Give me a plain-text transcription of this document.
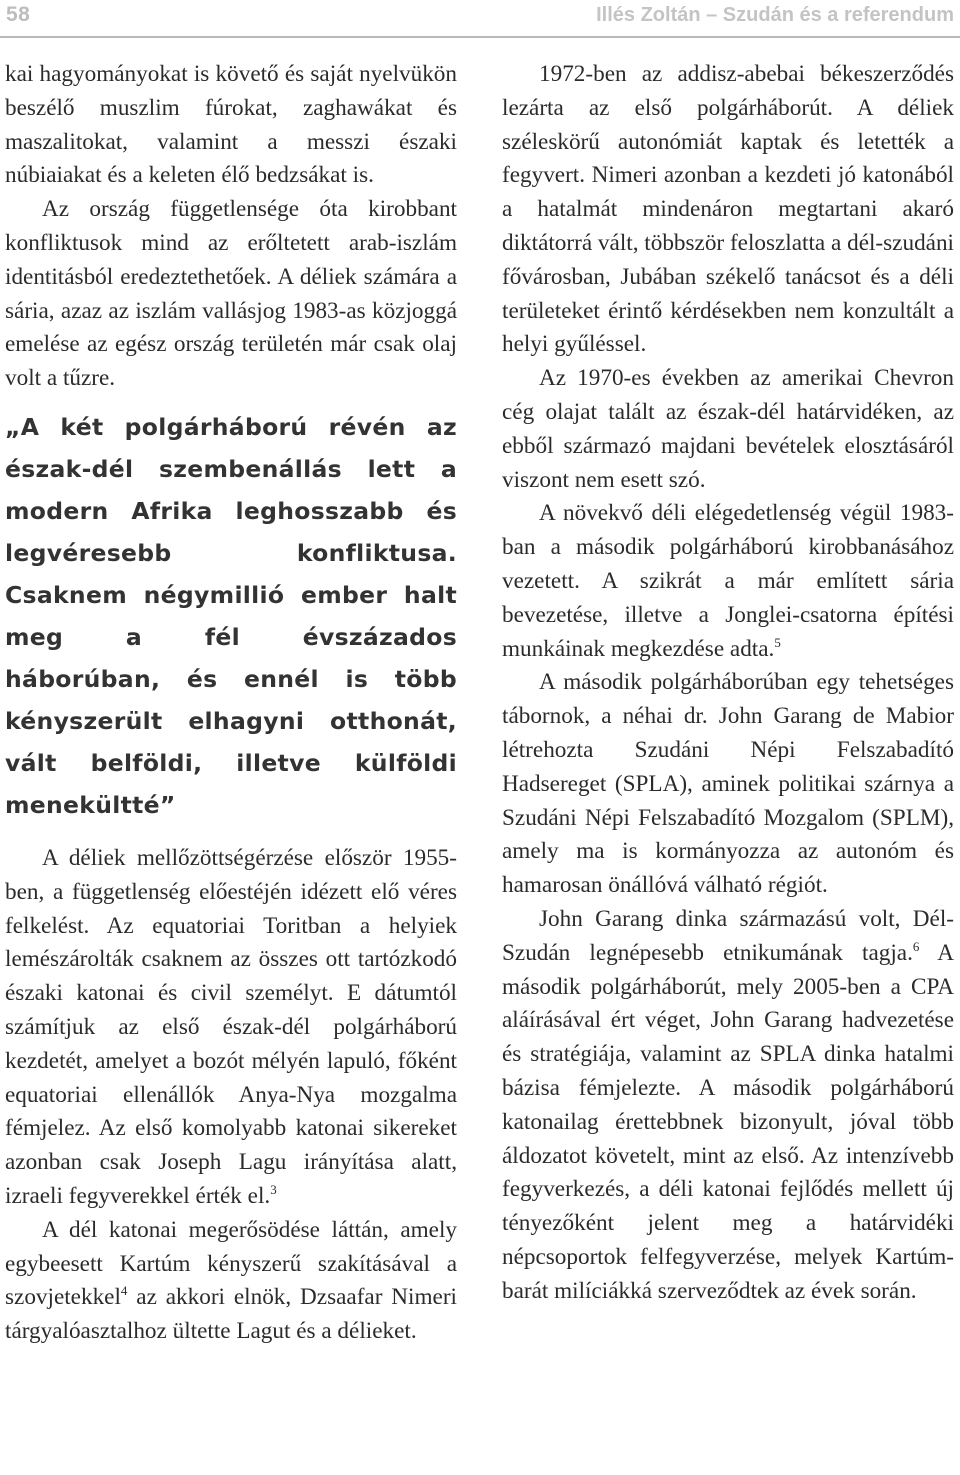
58	Illés Zoltán – Szudán és a referendum

kai hagyományokat is követő és saját nyelvükön beszélő muszlim fúrokat, zaghawákat és maszalitokat, valamint a messzi északi núbiaiakat és a keleten élő bedzsákat is.

Az ország függetlensége óta kirobbant konfliktusok mind az erőltetett arab-iszlám identitásból eredeztethetőek. A déliek számára a sária, azaz az iszlám vallásjog 1983-as közjoggá emelése az egész ország területén már csak olaj volt a tűzre.

„A két polgárháború révén az észak-dél szembenállás lett a modern Afrika leghosszabb és legvéresebb konfliktusa. Csaknem négymillió ember halt meg a fél évszázados háborúban, és ennél is több kényszerült elhagyni otthonát, vált belföldi, illetve külföldi menekültté”

A déliek mellőzöttségérzése először 1955-ben, a függetlenség előestéjén idézett elő véres felkelést. Az equatoriai Toritban a helyiek lemészárolták csaknem az összes ott tartózkodó északi katonai és civil személyt. E dátumtól számítjuk az első észak-dél polgárháború kezdetét, amelyet a bozót mélyén lapuló, főként equatoriai ellenállók Anya-Nya mozgalma fémjelez. Az első komolyabb katonai sikereket azonban csak Joseph Lagu irányítása alatt, izraeli fegyverekkel érték el.$^3$

A dél katonai megerősödése láttán, amely egybeesett Kartúm kényszerű szakításával a szovjetekkel$^4$ az akkori elnök, Dzsaafar Nimeri tárgyalóasztalhoz ültette Lagut és a délieket.

1972-ben az addisz-abebai békeszerződés lezárta az első polgárháborút. A déliek széleskörű autonómiát kaptak és letették a fegyvert. Nimeri azonban a kezdeti jó katonából a hatalmát mindenáron megtartani akaró diktátorrá vált, többször feloszlatta a dél-szudáni fővárosban, Jubában székelő tanácsot és a déli területeket érintő kérdésekben nem konzultált a helyi gyűléssel.

Az 1970-es években az amerikai Chevron cég olajat talált az észak-dél határvidéken, az ebből származó majdani bevételek elosztásáról viszont nem esett szó.

A növekvő déli elégedetlenség végül 1983-ban a második polgárháború kirobbanásához vezetett. A szikrát a már említett sária bevezetése, illetve a Jonglei-csatorna építési munkáinak megkezdése adta.$^5$

A második polgárháborúban egy tehetséges tábornok, a néhai dr. John Garang de Mabior létrehozta Szudáni Népi Felszabadító Hadsereget (SPLA), aminek politikai szárnya a Szudáni Népi Felszabadító Mozgalom (SPLM), amely ma is kormányozza az autonóm és hamarosan önállóvá válható régiót.

John Garang dinka származású volt, Dél-Szudán legnépesebb etnikumának tagja.$^6$ A második polgárháborút, mely 2005-ben a CPA aláírásával ért véget, John Garang hadvezetése és stratégiája, valamint az SPLA dinka hatalmi bázisa fémjelezte. A második polgárháború katonailag érettebbnek bizonyult, jóval több áldozatot követelt, mint az első. Az intenzívebb fegyverkezés, a déli katonai fejlődés mellett új tényezőként jelent meg a határvidéki népcsoportok felfegyverzése, melyek Kartúm-barát milíciákká szerveződtek az évek során.
